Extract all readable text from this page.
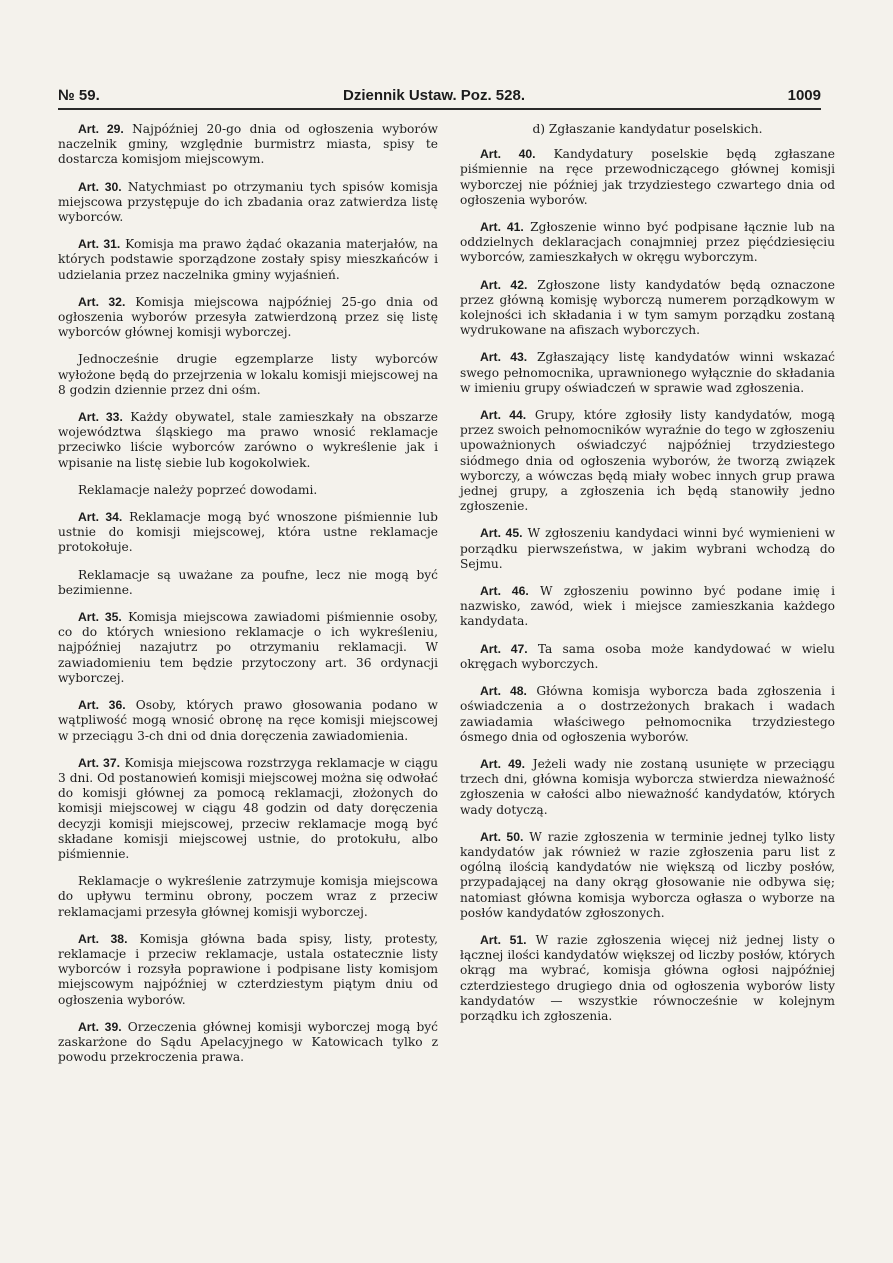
№ 59.	Dziennik Ustaw. Poz. 528.	1009

Art. 29. Najpóźniej 20-go dnia od ogłoszenia wyborów naczelnik gminy, względnie burmistrz miasta, spisy te dostarcza komisjom miejscowym.

Art. 30. Natychmiast po otrzymaniu tych spisów komisja miejscowa przystępuje do ich zbadania oraz zatwierdza listę wyborców.

Art. 31. Komisja ma prawo żądać okazania materjałów, na których podstawie sporządzone zostały spisy mieszkańców i udzielania przez naczelnika gminy wyjaśnień.

Art. 32. Komisja miejscowa najpóźniej 25-go dnia od ogłoszenia wyborów przesyła zatwierdzoną przez się listę wyborców głównej komisji wyborczej.

Jednocześnie drugie egzemplarze listy wyborców wyłożone będą do przejrzenia w lokalu komisji miejscowej na 8 godzin dziennie przez dni ośm.

Art. 33. Każdy obywatel, stale zamieszkały na obszarze województwa śląskiego ma prawo wnosić reklamacje przeciwko liście wyborców zarówno o wykreślenie jak i wpisanie na listę siebie lub kogokolwiek.

Reklamacje należy poprzeć dowodami.

Art. 34. Reklamacje mogą być wnoszone piśmiennie lub ustnie do komisji miejscowej, która ustne reklamacje protokołuje.

Reklamacje są uważane za poufne, lecz nie mogą być bezimienne.

Art. 35. Komisja miejscowa zawiadomi piśmiennie osoby, co do których wniesiono reklamacje o ich wykreśleniu, najpóźniej nazajutrz po otrzymaniu reklamacji. W zawiadomieniu tem będzie przytoczony art. 36 ordynacji wyborczej.

Art. 36. Osoby, których prawo głosowania podano w wątpliwość mogą wnosić obronę na ręce komisji miejscowej w przeciągu 3-ch dni od dnia doręczenia zawiadomienia.

Art. 37. Komisja miejscowa rozstrzyga reklamacje w ciągu 3 dni. Od postanowień komisji miejscowej można się odwołać do komisji głównej za pomocą reklamacji, złożonych do komisji miejscowej w ciągu 48 godzin od daty doręczenia decyzji komisji miejscowej, przeciw reklamacje mogą być składane komisji miejscowej ustnie, do protokułu, albo piśmiennie.

Reklamacje o wykreślenie zatrzymuje komisja miejscowa do upływu terminu obrony, poczem wraz z przeciw reklamacjami przesyła głównej komisji wyborczej.

Art. 38. Komisja główna bada spisy, listy, protesty, reklamacje i przeciw reklamacje, ustala ostatecznie listy wyborców i rozsyła poprawione i podpisane listy komisjom miejscowym najpóźniej w czterdziestym piątym dniu od ogłoszenia wyborów.

Art. 39. Orzeczenia głównej komisji wyborczej mogą być zaskarżone do Sądu Apelacyjnego w Katowicach tylko z powodu przekroczenia prawa.

d) Zgłaszanie kandydatur poselskich.

Art. 40. Kandydatury poselskie będą zgłaszane piśmiennie na ręce przewodniczącego głównej komisji wyborczej nie później jak trzydziestego czwartego dnia od ogłoszenia wyborów.

Art. 41. Zgłoszenie winno być podpisane łącznie lub na oddzielnych deklaracjach conajmniej przez pięćdziesięciu wyborców, zamieszkałych w okręgu wyborczym.

Art. 42. Zgłoszone listy kandydatów będą oznaczone przez główną komisję wyborczą numerem porządkowym w kolejności ich składania i w tym samym porządku zostaną wydrukowane na afiszach wyborczych.

Art. 43. Zgłaszający listę kandydatów winni wskazać swego pełnomocnika, uprawnionego wyłącznie do składania w imieniu grupy oświadczeń w sprawie wad zgłoszenia.

Art. 44. Grupy, które zgłosiły listy kandydatów, mogą przez swoich pełnomocników wyraźnie do tego w zgłoszeniu upoważnionych oświadczyć najpóźniej trzydziestego siódmego dnia od ogłoszenia wyborów, że tworzą związek wyborczy, a wówczas będą miały wobec innych grup prawa jednej grupy, a zgłoszenia ich będą stanowiły jedno zgłoszenie.

Art. 45. W zgłoszeniu kandydaci winni być wymienieni w porządku pierwszeństwa, w jakim wybrani wchodzą do Sejmu.

Art. 46. W zgłoszeniu powinno być podane imię i nazwisko, zawód, wiek i miejsce zamieszkania każdego kandydata.

Art. 47. Ta sama osoba może kandydować w wielu okręgach wyborczych.

Art. 48. Główna komisja wyborcza bada zgłoszenia i oświadczenia a o dostrzeżonych brakach i wadach zawiadamia właściwego pełnomocnika trzydziestego ósmego dnia od ogłoszenia wyborów.

Art. 49. Jeżeli wady nie zostaną usunięte w przeciągu trzech dni, główna komisja wyborcza stwierdza nieważność zgłoszenia w całości albo nieważność kandydatów, których wady dotyczą.

Art. 50. W razie zgłoszenia w terminie jednej tylko listy kandydatów jak również w razie zgłoszenia paru list z ogólną ilością kandydatów nie większą od liczby posłów, przypadającej na dany okrąg głosowanie nie odbywa się; natomiast główna komisja wyborcza ogłasza o wyborze na posłów kandydatów zgłoszonych.

Art. 51. W razie zgłoszenia więcej niż jednej listy o łącznej ilości kandydatów większej od liczby posłów, których okrąg ma wybrać, komisja główna ogłosi najpóźniej czterdziestego drugiego dnia od ogłoszenia wyborów listy kandydatów — wszystkie równocześnie w kolejnym porządku ich zgłoszenia.
